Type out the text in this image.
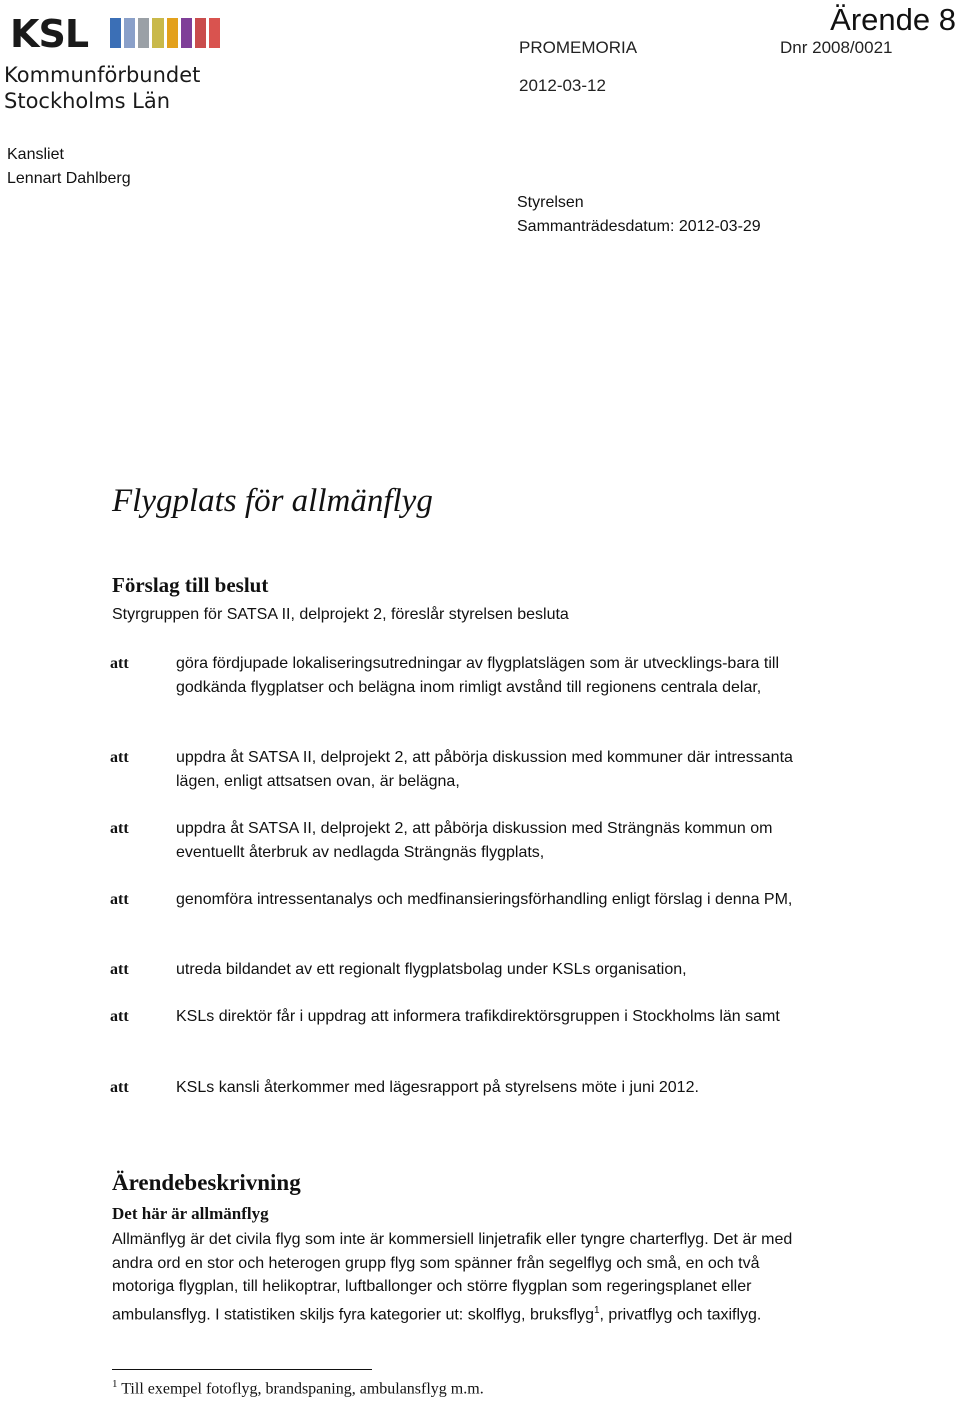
KSL
Kommunförbundet
Stockholms Län
Ärende 8
PROMEMORIA	Dnr 2008/0021
2012-03-12
Kansliet
Lennart Dahlberg
Styrelsen
Sammanträdesdatum: 2012-03-29
Flygplats för allmänflyg
Förslag till beslut
Styrgruppen för SATSA II, delprojekt 2, föreslår styrelsen besluta
att	göra fördjupade lokaliseringsutredningar av flygplatslägen som är utvecklings-bara till godkända flygplatser och belägna inom rimligt avstånd till regionens centrala delar,
att	uppdra åt SATSA II, delprojekt 2, att påbörja diskussion med kommuner där intressanta lägen, enligt attsatsen ovan, är belägna,
att	uppdra åt SATSA II, delprojekt 2, att påbörja diskussion med Strängnäs kommun om eventuellt återbruk av nedlagda Strängnäs flygplats,
att	genomföra intressentanalys och medfinansieringsförhandling enligt förslag i denna PM,
att	utreda bildandet av ett regionalt flygplatsbolag under KSLs organisation,
att	KSLs direktör får i uppdrag att informera trafikdirektörsgruppen i Stockholms län samt
att	KSLs kansli återkommer med lägesrapport på styrelsens möte i juni 2012.
Ärendebeskrivning
Det här är allmänflyg
Allmänflyg är det civila flyg som inte är kommersiell linjetrafik eller tyngre charterflyg. Det är med andra ord en stor och heterogen grupp flyg som spänner från segelflyg och små, en och två motoriga flygplan, till helikoptrar, luftballonger och större flygplan som regeringsplanet eller ambulansflyg. I statistiken skiljs fyra kategorier ut: skolflyg, bruksflyg$^1$, privatflyg och taxiflyg.
$^1$ Till exempel fotoflyg, brandspaning, ambulansflyg m.m.
